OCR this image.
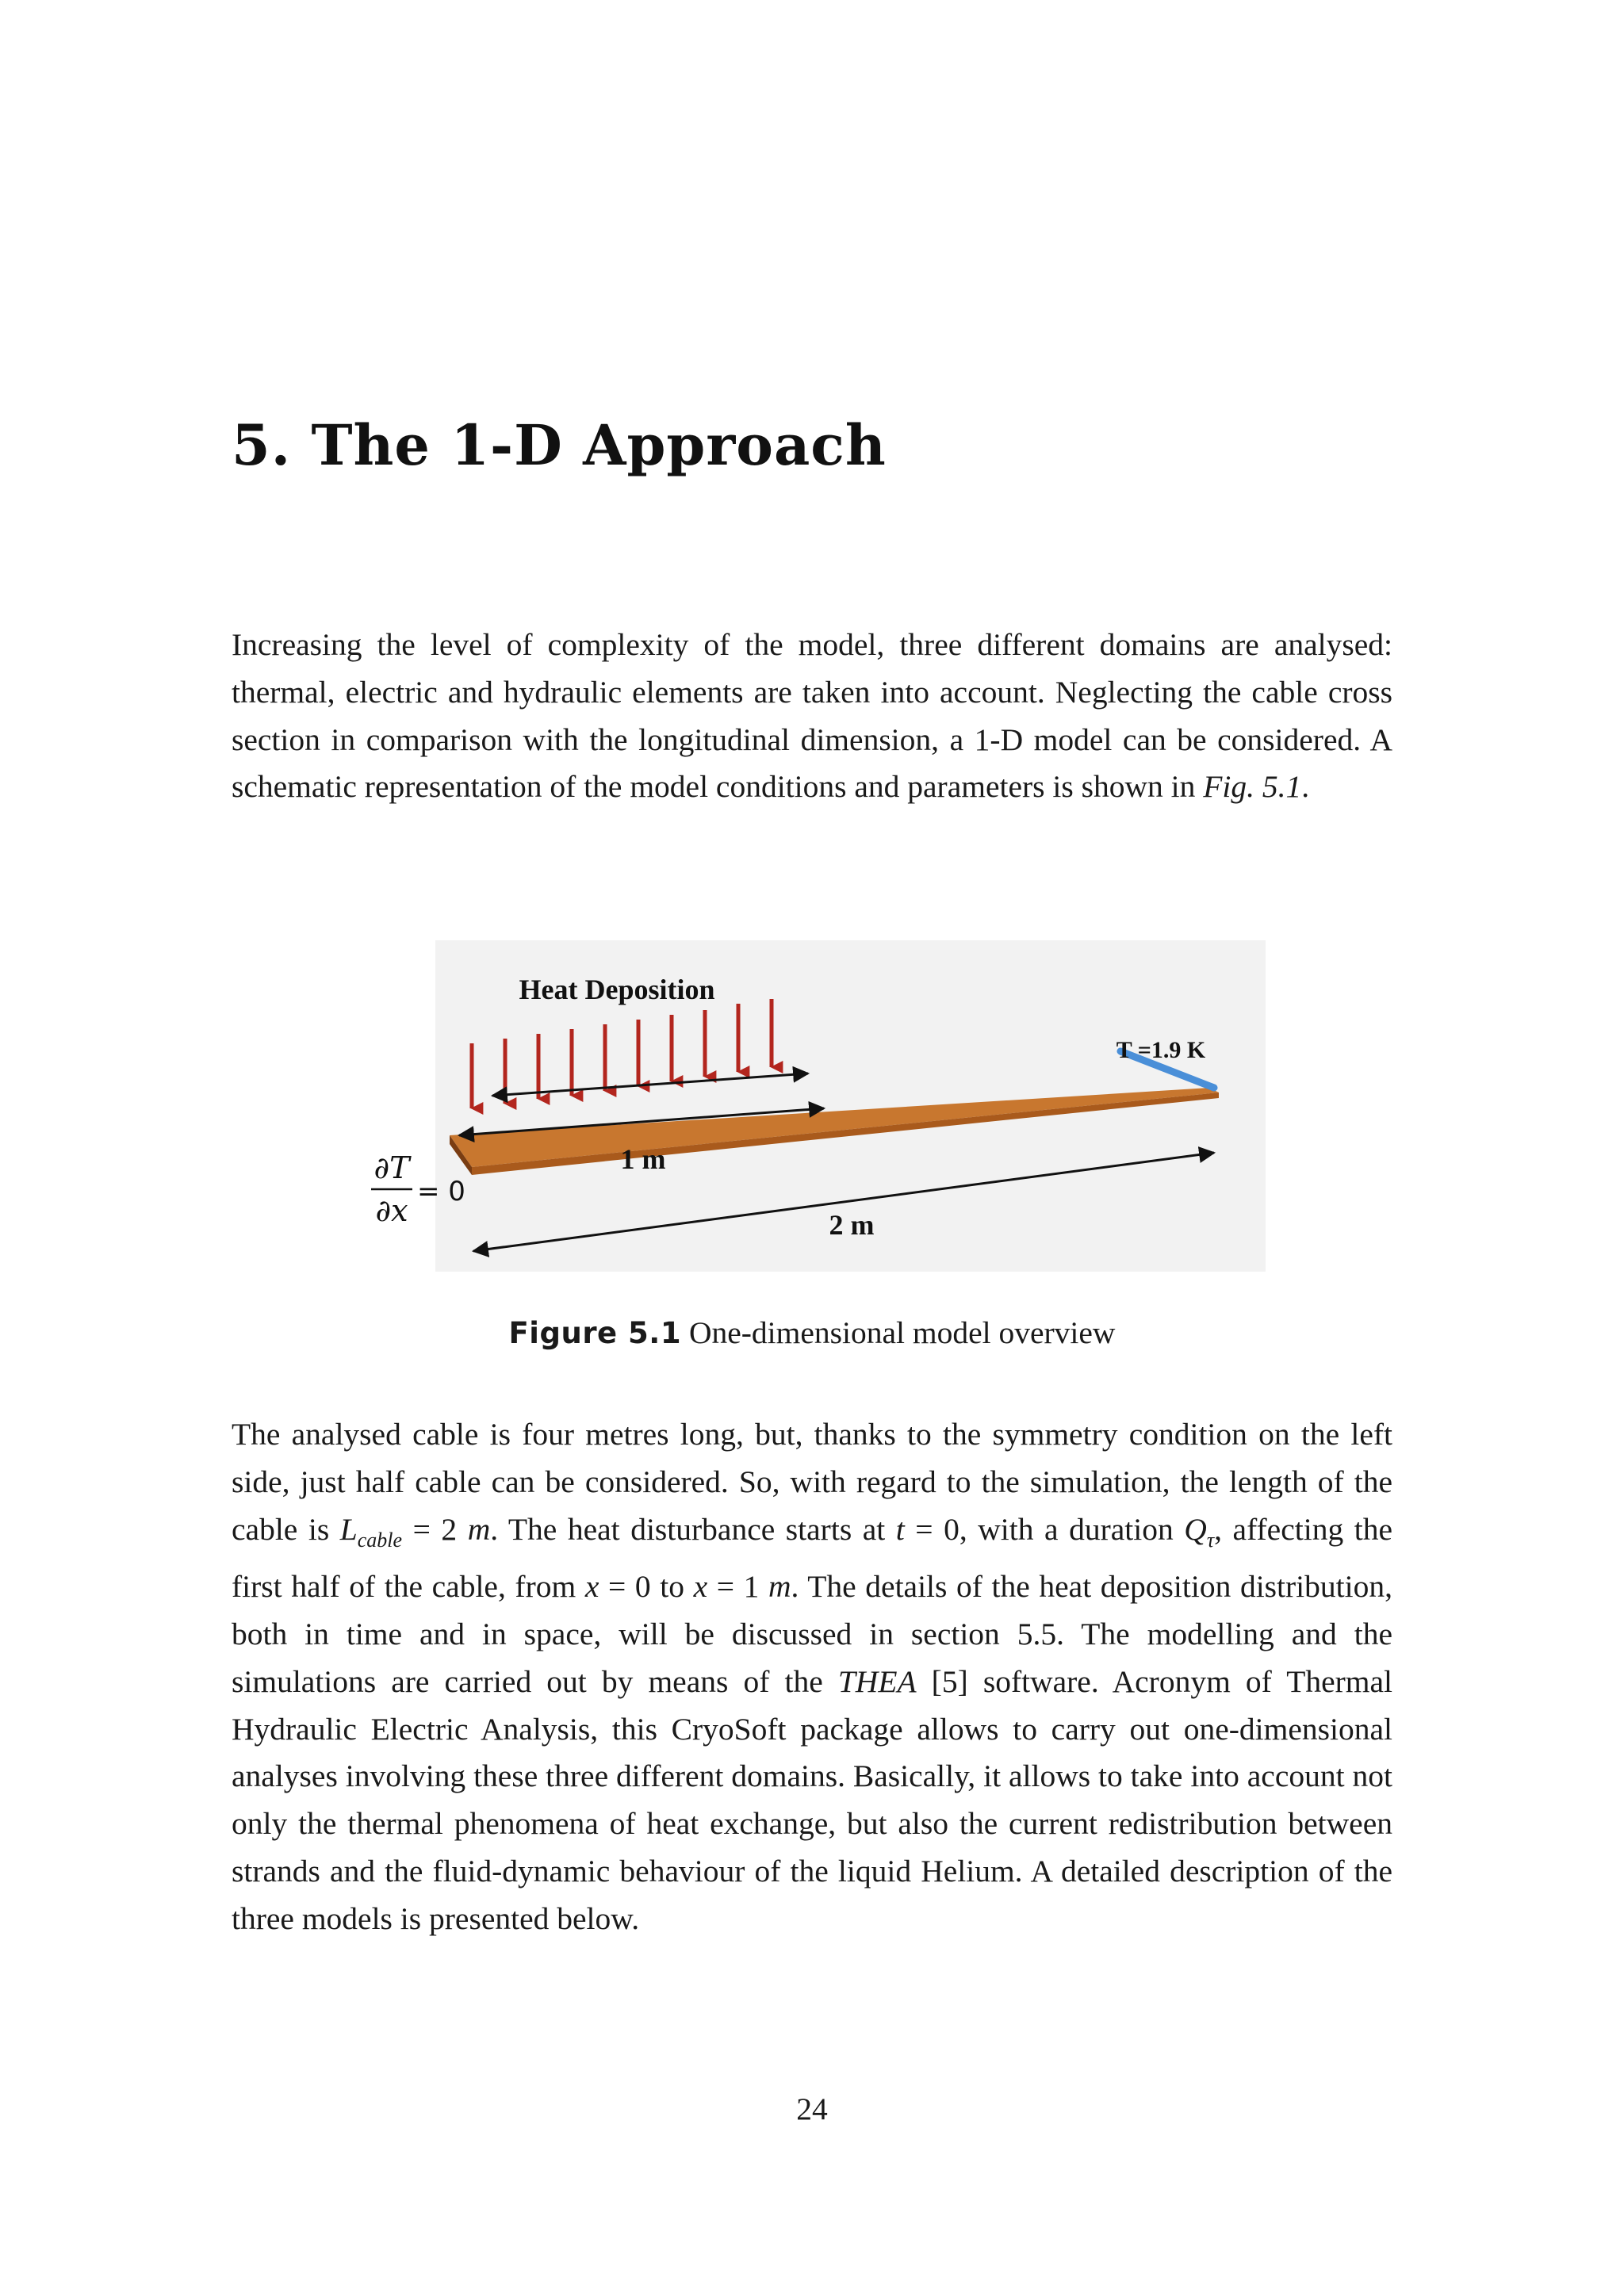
5. The 1-D Approach

Increasing the level of complexity of the model, three different domains are analysed: thermal, electric and hydraulic elements are taken into account. Neglecting the cable cross section in comparison with the longitudinal dimension, a 1-D model can be considered. A schematic representation of the model conditions and parameters is shown in Fig. 5.1.

Heat Deposition
T =1.9 K
1 m
2 m
∂T
∂x
= 0
Figure 5.1 One-dimensional model overview

The analysed cable is four metres long, but, thanks to the symmetry condition on the left side, just half cable can be considered. So, with regard to the simulation, the length of the cable is $L_{cable} = 2$ m. The heat disturbance starts at t = 0, with a duration $Q_\tau$, affecting the first half of the cable, from x = 0 to x = 1 m. The details of the heat deposition distribution, both in time and in space, will be discussed in section 5.5. The modelling and the simulations are carried out by means of the THEA [5] software. Acronym of Thermal Hydraulic Electric Analysis, this CryoSoft package allows to carry out one-dimensional analyses involving these three different domains. Basically, it allows to take into account not only the thermal phenomena of heat exchange, but also the current redistribution between strands and the fluid-dynamic behaviour of the liquid Helium. A detailed description of the three models is presented below.

24
